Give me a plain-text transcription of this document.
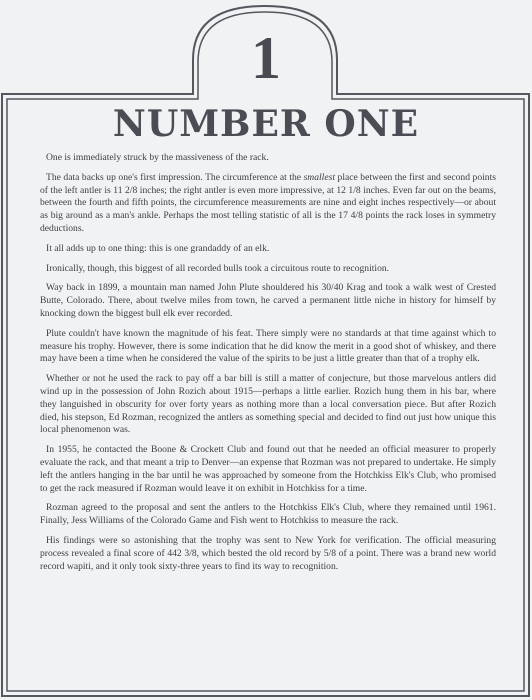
1
NUMBER ONE

One is immediately struck by the massiveness of the rack.

The data backs up one's first impression. The circumference at the smallest place between the first and second points of the left antler is 11 2/8 inches; the right antler is even more impressive, at 12 1/8 inches. Even far out on the beams, between the fourth and fifth points, the circumference measurements are nine and eight inches respectively—or about as big around as a man's ankle. Perhaps the most telling statistic of all is the 17 4/8 points the rack loses in symmetry deductions.

It all adds up to one thing: this is one grandaddy of an elk.

Ironically, though, this biggest of all recorded bulls took a circuitous route to recognition.

Way back in 1899, a mountain man named John Plute shouldered his 30/40 Krag and took a walk west of Crested Butte, Colorado. There, about twelve miles from town, he carved a permanent little niche in history for himself by knocking down the biggest bull elk ever recorded.

Plute couldn't have known the magnitude of his feat. There simply were no standards at that time against which to measure his trophy. However, there is some indication that he did know the merit in a good shot of whiskey, and there may have been a time when he considered the value of the spirits to be just a little greater than that of a trophy elk.

Whether or not he used the rack to pay off a bar bill is still a matter of conjecture, but those marvelous antlers did wind up in the possession of John Rozich about 1915—perhaps a little earlier. Rozich hung them in his bar, where they languished in obscurity for over forty years as nothing more than a local conversation piece. But after Rozich died, his stepson, Ed Rozman, recognized the antlers as something special and decided to find out just how unique this local phenomenon was.

In 1955, he contacted the Boone & Crockett Club and found out that he needed an official measurer to properly evaluate the rack, and that meant a trip to Denver—an expense that Rozman was not prepared to undertake. He simply left the antlers hanging in the bar until he was approached by someone from the Hotchkiss Elk's Club, who promised to get the rack measured if Rozman would leave it on exhibit in Hotchkiss for a time.

Rozman agreed to the proposal and sent the antlers to the Hotchkiss Elk's Club, where they remained until 1961. Finally, Jess Williams of the Colorado Game and Fish went to Hotchkiss to measure the rack.

His findings were so astonishing that the trophy was sent to New York for verification. The official measuring process revealed a final score of 442 3/8, which bested the old record by 5/8 of a point. There was a brand new world record wapiti, and it only took sixty-three years to find its way to recognition.
